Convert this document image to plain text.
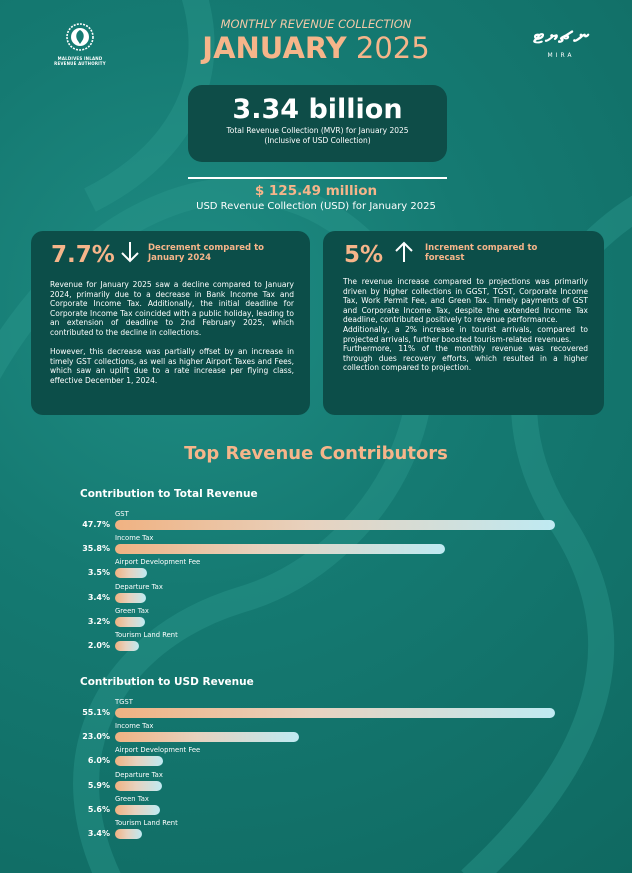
MALDIVES INLAND REVENUE AUTHORITY
MONTHLY REVENUE COLLECTION
JANUARY 2025	ނޗޔޓ
MIRA
3.34 billion
Total Revenue Collection (MVR) for January 2025
(Inclusive of USD Collection)
$ 125.49 million
USD Revenue Collection (USD) for January 2025
7.7%	Decrement compared to January 2024

Revenue for January 2025 saw a decline compared to January 2024, primarily due to a decrease in Bank Income Tax and Corporate Income Tax. Additionally, the initial deadline for Corporate Income Tax coincided with a public holiday, leading to an extension of deadline to 2nd February 2025, which contributed to the decline in collections.

However, this decrease was partially offset by an increase in timely GST collections, as well as higher Airport Taxes and Fees, which saw an uplift due to a rate increase per flying class, effective December 1, 2024.

5%	Increment compared to forecast

The revenue increase compared to projections was primarily driven by higher collections in GGST, TGST, Corporate Income Tax, Work Permit Fee, and Green Tax. Timely payments of GST and Corporate Income Tax, despite the extended Income Tax deadline, contributed positively to revenue performance.

Additionally, a 2% increase in tourist arrivals, compared to projected arrivals, further boosted tourism-related revenues.

Furthermore, 11% of the monthly revenue was recovered through dues recovery efforts, which resulted in a higher collection compared to projection.

Top Revenue Contributors
Contribution to Total Revenue
GST
47.7%
Income Tax
35.8%
Airport Development Fee
3.5%
Departure Tax
3.4%
Green Tax
3.2%
Tourism Land Rent
2.0%
Contribution to USD Revenue
TGST
55.1%
Income Tax
23.0%
Airport Development Fee
6.0%
Departure Tax
5.9%
Green Tax
5.6%
Tourism Land Rent
3.4%
